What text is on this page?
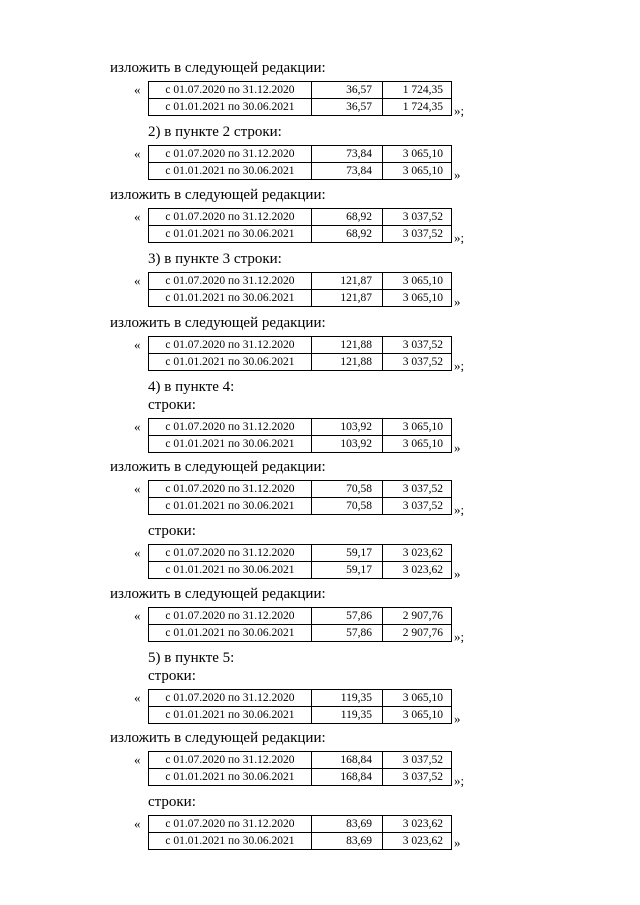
изложить в следующей редакции:
« с 01.07.2020 по 31.12.2020	36,57	1 724,35
с 01.01.2021 по 30.06.2021	36,57	1 724,35 »;
2) в пункте 2 строки:
« с 01.07.2020 по 31.12.2020	73,84	3 065,10
с 01.01.2021 по 30.06.2021	73,84	3 065,10 »
изложить в следующей редакции:
« с 01.07.2020 по 31.12.2020	68,92	3 037,52
с 01.01.2021 по 30.06.2021	68,92	3 037,52 »;
3) в пункте 3 строки:
« с 01.07.2020 по 31.12.2020	121,87	3 065,10
с 01.01.2021 по 30.06.2021	121,87	3 065,10 »
изложить в следующей редакции:
« с 01.07.2020 по 31.12.2020	121,88	3 037,52
с 01.01.2021 по 30.06.2021	121,88	3 037,52 »;
4) в пункте 4:
строки:
« с 01.07.2020 по 31.12.2020	103,92	3 065,10
с 01.01.2021 по 30.06.2021	103,92	3 065,10 »
изложить в следующей редакции:
« с 01.07.2020 по 31.12.2020	70,58	3 037,52
с 01.01.2021 по 30.06.2021	70,58	3 037,52 »;
строки:
« с 01.07.2020 по 31.12.2020	59,17	3 023,62
с 01.01.2021 по 30.06.2021	59,17	3 023,62 »
изложить в следующей редакции:
« с 01.07.2020 по 31.12.2020	57,86	2 907,76
с 01.01.2021 по 30.06.2021	57,86	2 907,76 »;
5) в пункте 5:
строки:
« с 01.07.2020 по 31.12.2020	119,35	3 065,10
с 01.01.2021 по 30.06.2021	119,35	3 065,10 »
изложить в следующей редакции:
« с 01.07.2020 по 31.12.2020	168,84	3 037,52
с 01.01.2021 по 30.06.2021	168,84	3 037,52 »;
строки:
« с 01.07.2020 по 31.12.2020	83,69	3 023,62
с 01.01.2021 по 30.06.2021	83,69	3 023,62 »
